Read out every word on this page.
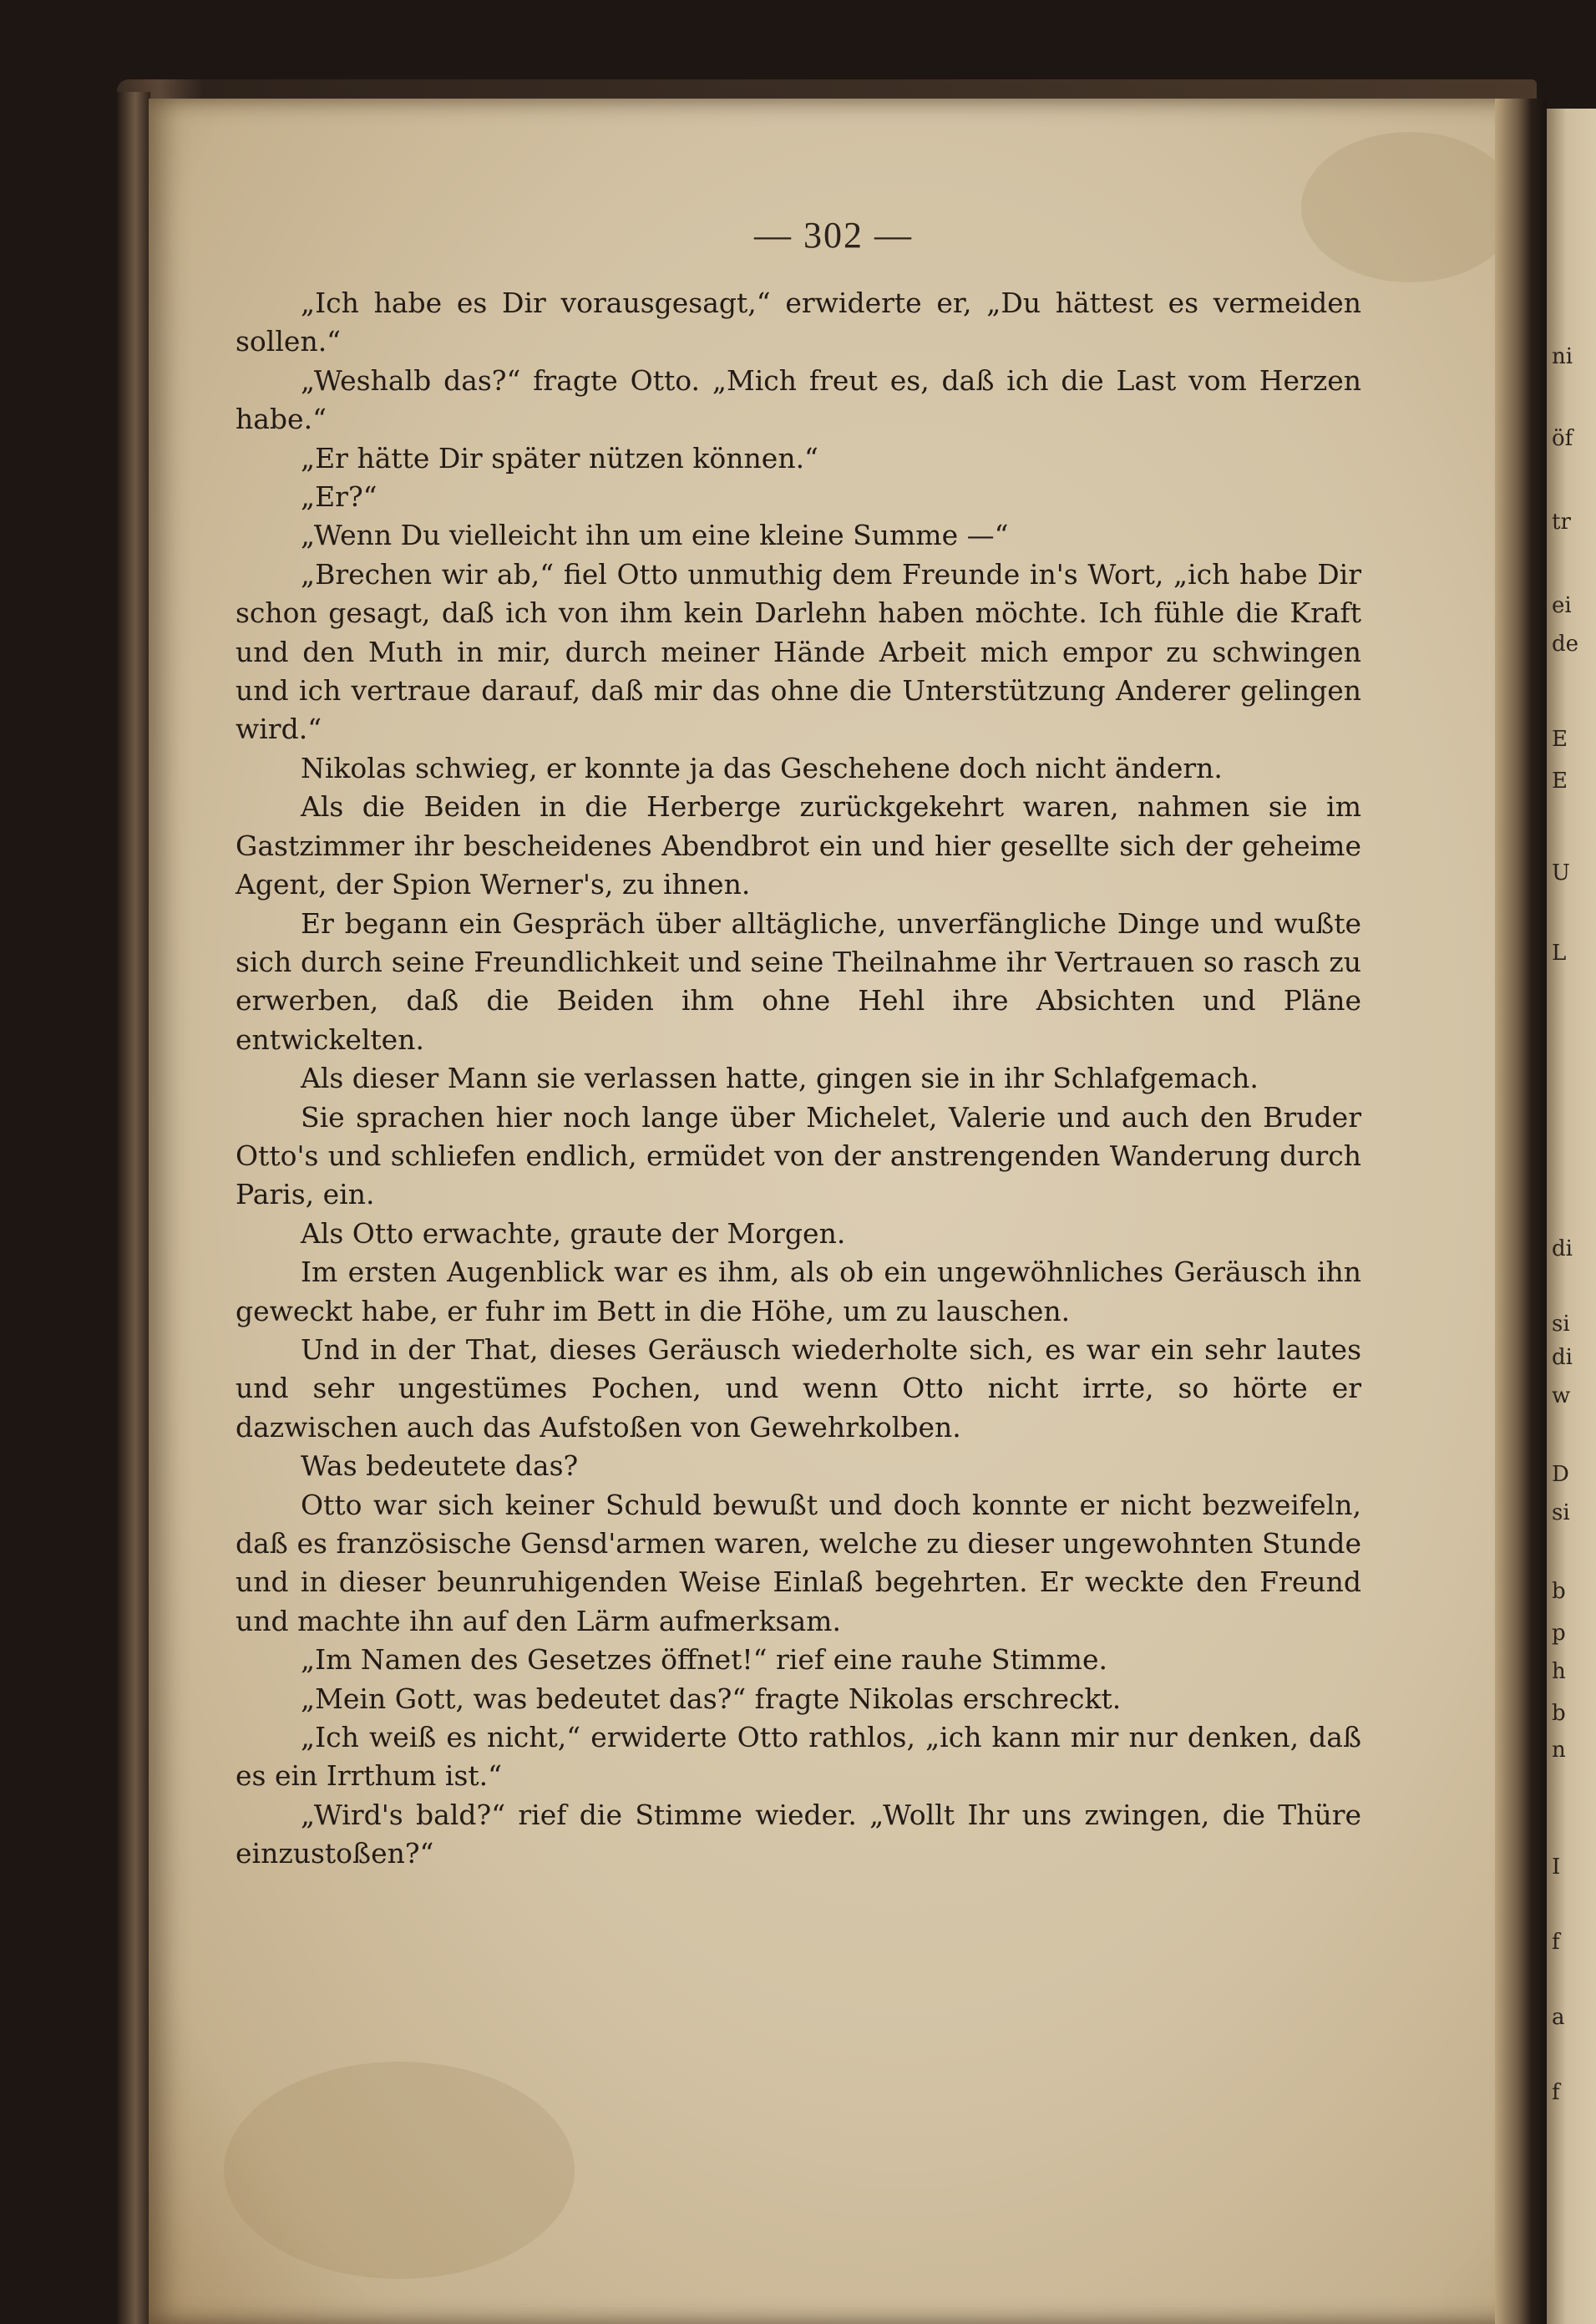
— 302 —
ni
öf
tr
ei
de
E
E
U
L
di
si
di
w
D
si
b
p
h
b
n
I
f
a
f

„Ich habe es Dir vorausgesagt,“ erwiderte er, „Du hättest es vermeiden sollen.“

„Weshalb das?“ fragte Otto. „Mich freut es, daß ich die Last vom Herzen habe.“

„Er hätte Dir später nützen können.“

„Er?“

„Wenn Du vielleicht ihn um eine kleine Summe —“

„Brechen wir ab,“ fiel Otto unmuthig dem Freunde in's Wort, „ich habe Dir schon gesagt, daß ich von ihm kein Darlehn haben möchte. Ich fühle die Kraft und den Muth in mir, durch meiner Hände Arbeit mich empor zu schwingen und ich vertraue darauf, daß mir das ohne die Unterstützung Anderer gelingen wird.“

Nikolas schwieg, er konnte ja das Geschehene doch nicht ändern.

Als die Beiden in die Herberge zurückgekehrt waren, nahmen sie im Gastzimmer ihr bescheidenes Abendbrot ein und hier gesellte sich der geheime Agent, der Spion Werner's, zu ihnen.

Er begann ein Gespräch über alltägliche, unverfängliche Dinge und wußte sich durch seine Freundlichkeit und seine Theilnahme ihr Vertrauen so rasch zu erwerben, daß die Beiden ihm ohne Hehl ihre Absichten und Pläne entwickelten.

Als dieser Mann sie verlassen hatte, gingen sie in ihr Schlafgemach.

Sie sprachen hier noch lange über Michelet, Valerie und auch den Bruder Otto's und schliefen endlich, ermüdet von der anstrengenden Wanderung durch Paris, ein.

Als Otto erwachte, graute der Morgen.

Im ersten Augenblick war es ihm, als ob ein ungewöhnliches Geräusch ihn geweckt habe, er fuhr im Bett in die Höhe, um zu lauschen.

Und in der That, dieses Geräusch wiederholte sich, es war ein sehr lautes und sehr ungestümes Pochen, und wenn Otto nicht irrte, so hörte er dazwischen auch das Aufstoßen von Gewehrkolben.

Was bedeutete das?

Otto war sich keiner Schuld bewußt und doch konnte er nicht bezweifeln, daß es französische Gensd'armen waren, welche zu dieser ungewohnten Stunde und in dieser beunruhigenden Weise Einlaß begehrten. Er weckte den Freund und machte ihn auf den Lärm aufmerksam.

„Im Namen des Gesetzes öffnet!“ rief eine rauhe Stimme.

„Mein Gott, was bedeutet das?“ fragte Nikolas erschreckt.

„Ich weiß es nicht,“ erwiderte Otto rathlos, „ich kann mir nur denken, daß es ein Irrthum ist.“

„Wird's bald?“ rief die Stimme wieder. „Wollt Ihr uns zwingen, die Thüre einzustoßen?“
